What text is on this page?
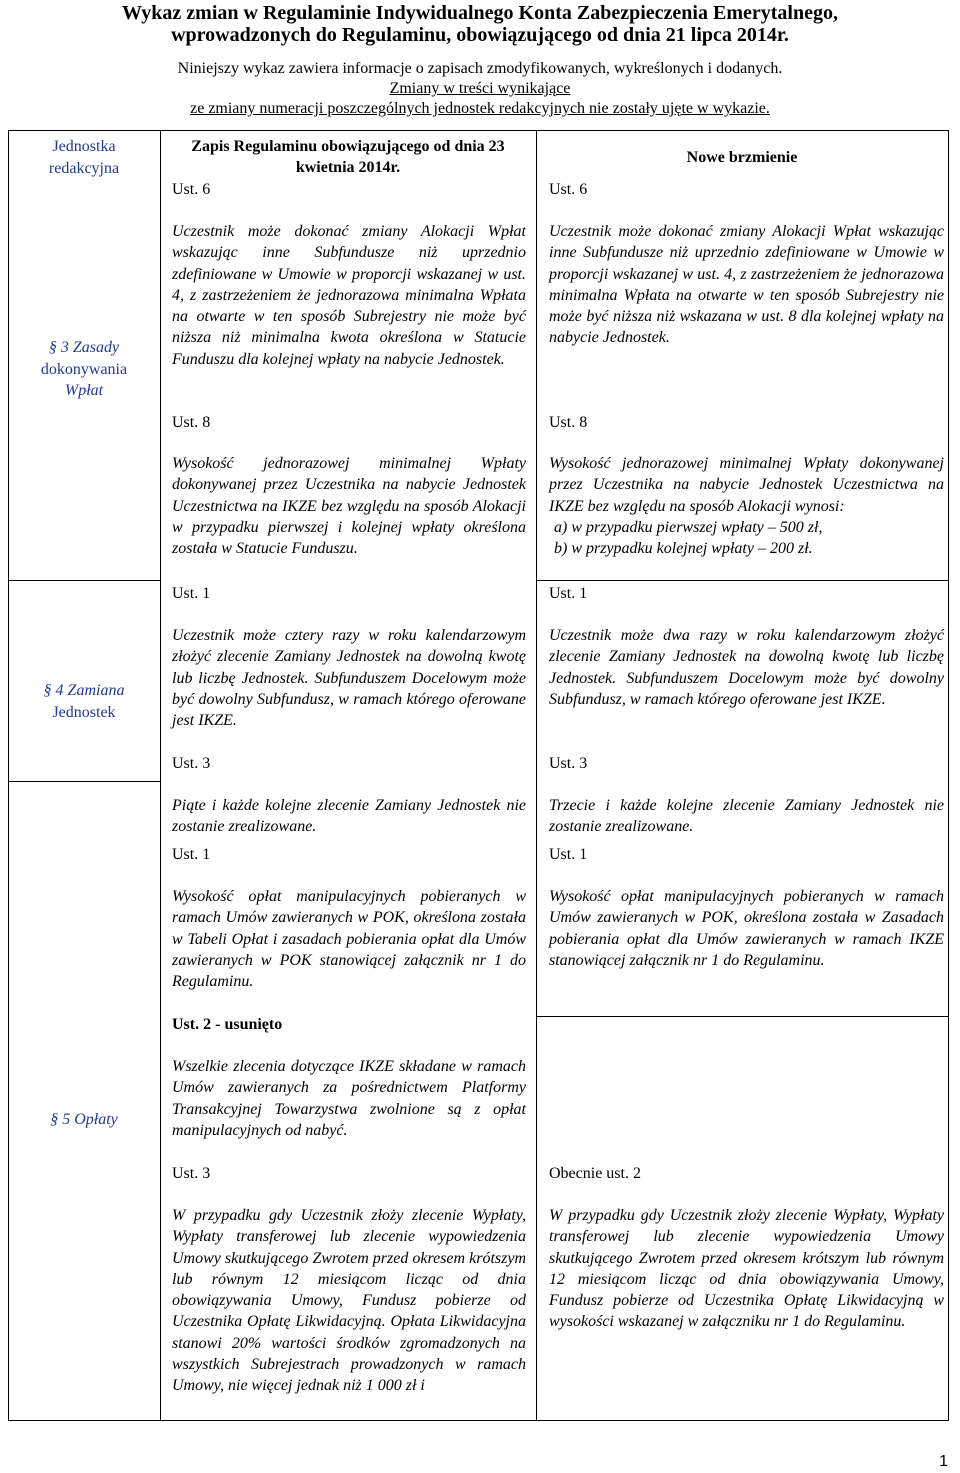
Wykaz zmian w Regulaminie Indywidualnego Konta Zabezpieczenia Emerytalnego,
wprowadzonych do Regulaminu, obowiązującego od dnia 21 lipca 2014r.
Niniejszy wykaz zawiera informacje o zapisach zmodyfikowanych, wykreślonych i dodanych.
Zmiany w treści wynikające
ze zmiany numeracji poszczególnych jednostek redakcyjnych nie zostały ujęte w wykazie.
Jednostka
redakcyjna
Zapis Regulaminu obowiązującego od dnia 23 kwietnia 2014r.
Nowe brzmienie
§ 3 Zasady
dokonywania
Wpłat
§ 4 Zamiana
Jednostek
§ 5 Opłaty
Ust. 6
Uczestnik może dokonać zmiany Alokacji Wpłat wskazując inne Subfundusze niż uprzednio zdefiniowane w Umowie w proporcji wskazanej w ust. 4, z zastrzeżeniem że jednorazowa minimalna Wpłata na otwarte w ten sposób Subrejestry nie może być niższa niż minimalna kwota określona w Statucie Funduszu dla kolejnej wpłaty na nabycie Jednostek.
Ust. 8
Wysokość jednorazowej minimalnej Wpłaty dokonywanej przez Uczestnika na nabycie Jednostek Uczestnictwa na IKZE bez względu na sposób Alokacji w przypadku pierwszej i kolejnej wpłaty określona została w Statucie Funduszu.
Ust. 6
Uczestnik może dokonać zmiany Alokacji Wpłat wskazując inne Subfundusze niż uprzednio zdefiniowane w Umowie w proporcji wskazanej w ust. 4, z zastrzeżeniem że jednorazowa minimalna Wpłata na otwarte w ten sposób Subrejestry nie może być niższa niż wskazana w ust. 8 dla kolejnej wpłaty na nabycie Jednostek.
Ust. 8
Wysokość jednorazowej minimalnej Wpłaty dokonywanej przez Uczestnika na nabycie Jednostek Uczestnictwa na IKZE bez względu na sposób Alokacji wynosi:
a) w przypadku pierwszej wpłaty – 500 zł,
b) w przypadku kolejnej wpłaty – 200 zł.
Ust. 1
Uczestnik może cztery razy w roku kalendarzowym złożyć zlecenie Zamiany Jednostek na dowolną kwotę lub liczbę Jednostek. Subfunduszem Docelowym może być dowolny Subfundusz, w ramach którego oferowane jest IKZE.
Ust. 3
Piąte i każde kolejne zlecenie Zamiany Jednostek nie zostanie zrealizowane.
Ust. 1
Uczestnik może dwa razy w roku kalendarzowym złożyć zlecenie Zamiany Jednostek na dowolną kwotę lub liczbę Jednostek. Subfunduszem Docelowym może być dowolny Subfundusz, w ramach którego oferowane jest IKZE.
Ust. 3
Trzecie i każde kolejne zlecenie Zamiany Jednostek nie zostanie zrealizowane.
Ust. 1
Wysokość opłat manipulacyjnych pobieranych w ramach Umów zawieranych w POK, określona została w Tabeli Opłat i zasadach pobierania opłat dla Umów zawieranych w POK stanowiącej załącznik nr 1 do Regulaminu.
Ust. 2 - usunięto
Wszelkie zlecenia dotyczące IKZE składane w ramach Umów zawieranych za pośrednictwem Platformy Transakcyjnej Towarzystwa zwolnione są z opłat manipulacyjnych od nabyć.
Ust. 3
W przypadku gdy Uczestnik złoży zlecenie Wypłaty, Wypłaty transferowej lub zlecenie wypowiedzenia Umowy skutkującego Zwrotem przed okresem krótszym lub równym 12 miesiącom licząc od dnia obowiązywania Umowy, Fundusz pobierze od Uczestnika Opłatę Likwidacyjną. Opłata Likwidacyjna stanowi 20% wartości środków zgromadzonych na wszystkich Subrejestrach prowadzonych w ramach Umowy, nie więcej jednak niż 1 000 zł i
Ust. 1
Wysokość opłat manipulacyjnych pobieranych w ramach Umów zawieranych w POK, określona została w Zasadach pobierania opłat dla Umów zawieranych w ramach IKZE stanowiącej załącznik nr 1 do Regulaminu.
Obecnie ust. 2
W przypadku gdy Uczestnik złoży zlecenie Wypłaty, Wypłaty transferowej lub zlecenie wypowiedzenia Umowy skutkującego Zwrotem przed okresem krótszym lub równym 12 miesiącom licząc od dnia obowiązywania Umowy, Fundusz pobierze od Uczestnika Opłatę Likwidacyjną w wysokości wskazanej w załączniku nr 1 do Regulaminu.
1
